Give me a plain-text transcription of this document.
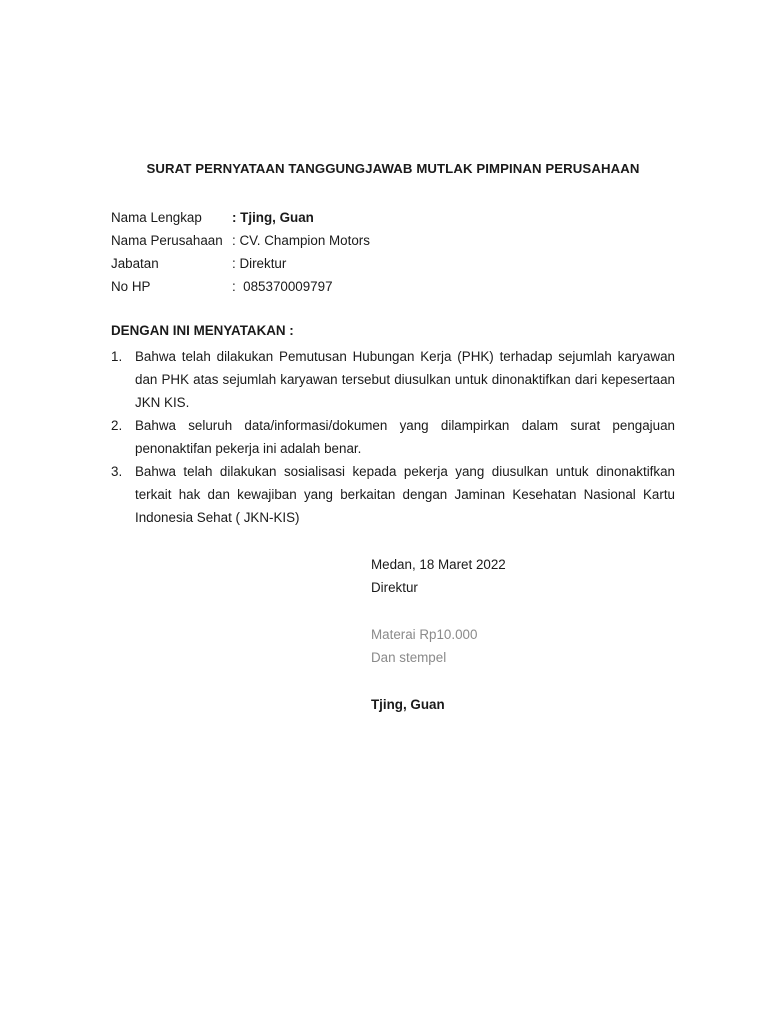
SURAT PERNYATAAN TANGGUNGJAWAB MUTLAK PIMPINAN PERUSAHAAN
Nama Lengkap	: Tjing, Guan
Nama Perusahaan : CV. Champion Motors
Jabatan	: Direktur
No HP	:  085370009797
DENGAN INI MENYATAKAN :
1. Bahwa telah dilakukan Pemutusan Hubungan Kerja (PHK) terhadap sejumlah karyawan dan PHK atas sejumlah karyawan tersebut diusulkan untuk dinonaktifkan dari kepesertaan JKN KIS.
2. Bahwa seluruh data/informasi/dokumen yang dilampirkan dalam surat pengajuan penonaktifan pekerja ini adalah benar.
3. Bahwa telah dilakukan sosialisasi kepada pekerja yang diusulkan untuk dinonaktifkan terkait hak dan kewajiban yang berkaitan dengan Jaminan Kesehatan Nasional Kartu Indonesia Sehat ( JKN-KIS)
Medan, 18 Maret 2022
Direktur
Materai Rp10.000
Dan stempel
Tjing, Guan
